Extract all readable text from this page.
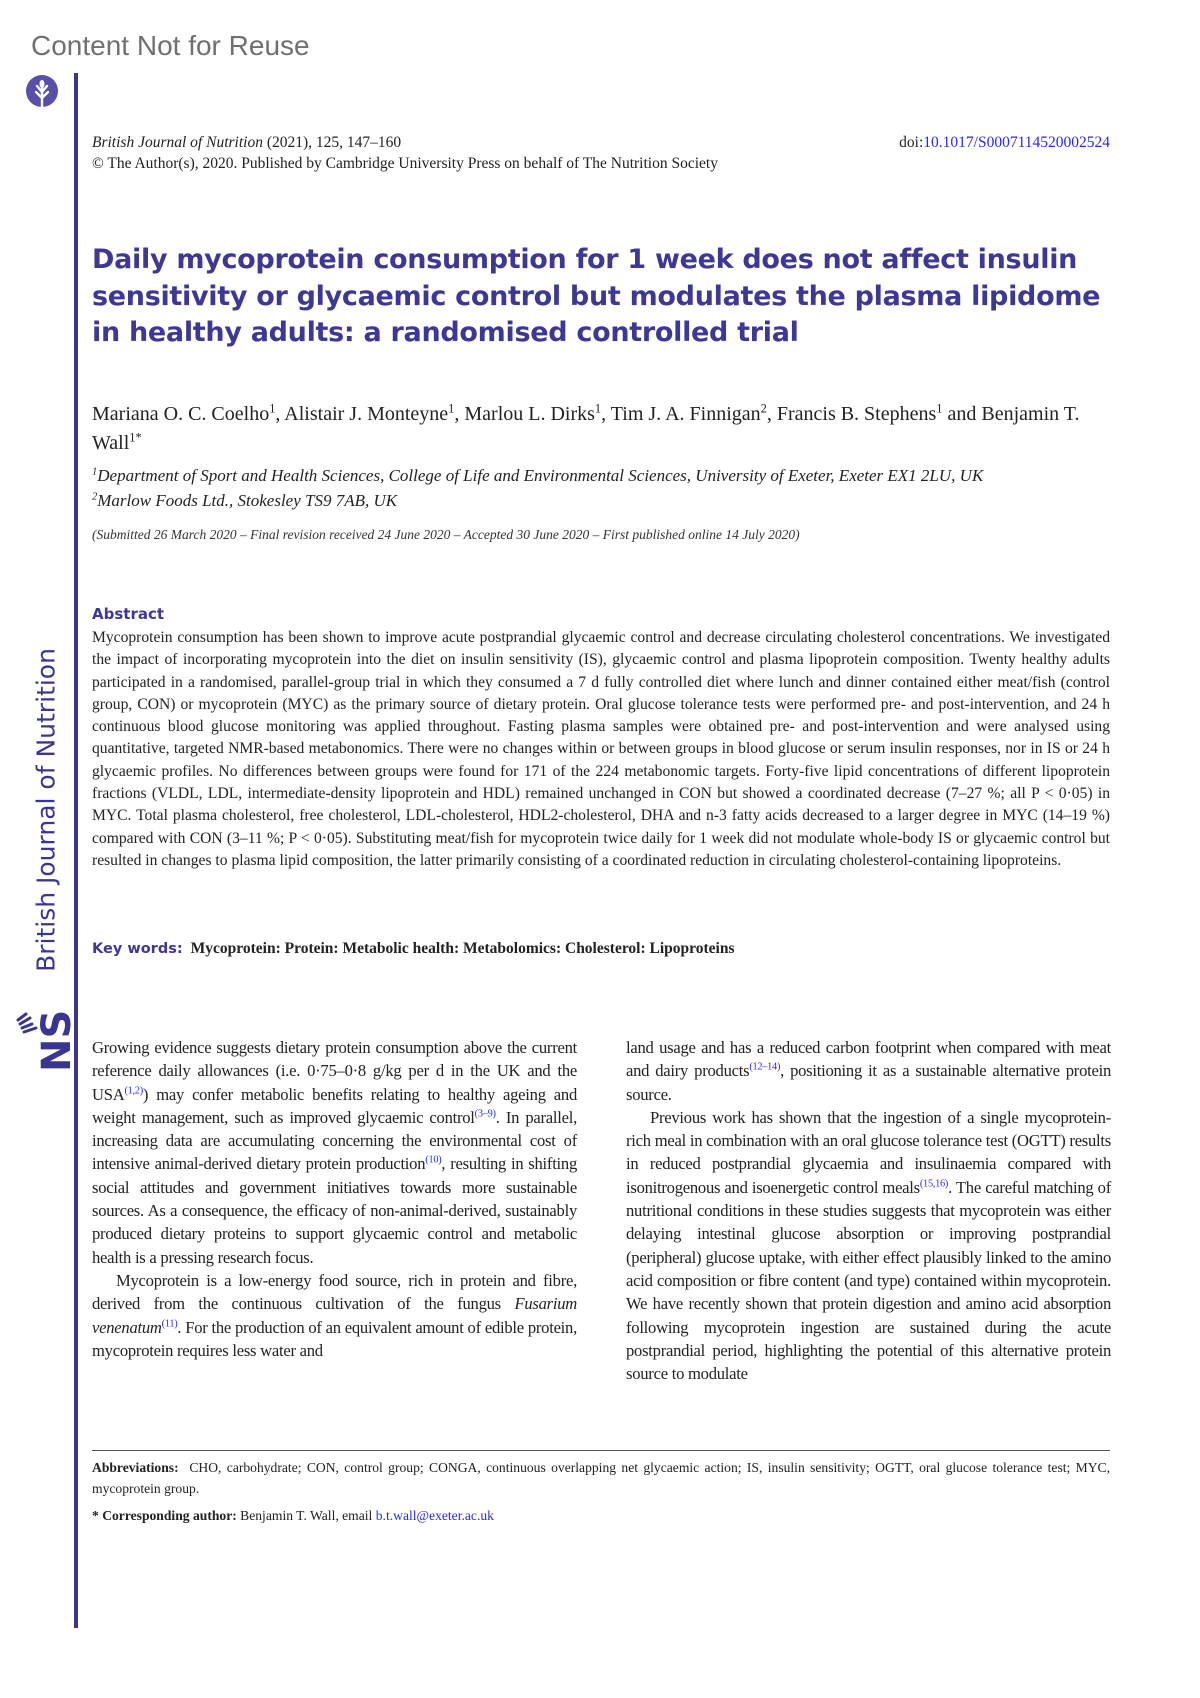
Content Not for Reuse
British Journal of Nutrition
NS
British Journal of Nutrition (2021), 125, 147–160
© The Author(s), 2020. Published by Cambridge University Press on behalf of The Nutrition Society
doi:10.1017/S0007114520002524
Daily mycoprotein consumption for 1 week does not affect insulin sensitivity or glycaemic control but modulates the plasma lipidome in healthy adults: a randomised controlled trial
Mariana O. C. Coelho$^1$, Alistair J. Monteyne$^1$, Marlou L. Dirks$^1$, Tim J. A. Finnigan$^2$, Francis B. Stephens$^1$ and Benjamin T. Wall$^{1*}$
$^1$Department of Sport and Health Sciences, College of Life and Environmental Sciences, University of Exeter, Exeter EX1 2LU, UK
$^2$Marlow Foods Ltd., Stokesley TS9 7AB, UK
(Submitted 26 March 2020 – Final revision received 24 June 2020 – Accepted 30 June 2020 – First published online 14 July 2020)
Abstract
Mycoprotein consumption has been shown to improve acute postprandial glycaemic control and decrease circulating cholesterol concentrations. We investigated the impact of incorporating mycoprotein into the diet on insulin sensitivity (IS), glycaemic control and plasma lipoprotein composition. Twenty healthy adults participated in a randomised, parallel-group trial in which they consumed a 7 d fully controlled diet where lunch and dinner contained either meat/fish (control group, CON) or mycoprotein (MYC) as the primary source of dietary protein. Oral glucose tolerance tests were performed pre- and post-intervention, and 24 h continuous blood glucose monitoring was applied throughout. Fasting plasma samples were obtained pre- and post-intervention and were analysed using quantitative, targeted NMR-based metabonomics. There were no changes within or between groups in blood glucose or serum insulin responses, nor in IS or 24 h glycaemic profiles. No differences between groups were found for 171 of the 224 metabonomic targets. Forty-five lipid concentrations of different lipoprotein fractions (VLDL, LDL, intermediate-density lipoprotein and HDL) remained unchanged in CON but showed a coordinated decrease (7–27 %; all P < 0·05) in MYC. Total plasma cholesterol, free cholesterol, LDL-cholesterol, HDL2-cholesterol, DHA and n-3 fatty acids decreased to a larger degree in MYC (14–19 %) compared with CON (3–11 %; P < 0·05). Substituting meat/fish for mycoprotein twice daily for 1 week did not modulate whole-body IS or glycaemic control but resulted in changes to plasma lipid composition, the latter primarily consisting of a coordinated reduction in circulating cholesterol-containing lipoproteins.
Key words: Mycoprotein: Protein: Metabolic health: Metabolomics: Cholesterol: Lipoproteins

Growing evidence suggests dietary protein consumption above the current reference daily allowances (i.e. 0·75–0·8 g/kg per d in the UK and the USA$^{(1,2)}$) may confer metabolic benefits relating to healthy ageing and weight management, such as improved glycaemic control$^{(3-9)}$. In parallel, increasing data are accumulating concerning the environmental cost of intensive animal-derived dietary protein production$^{(10)}$, resulting in shifting social attitudes and government initiatives towards more sustainable sources. As a consequence, the efficacy of non-animal-derived, sustainably produced dietary proteins to support glycaemic control and metabolic health is a pressing research focus.

Mycoprotein is a low-energy food source, rich in protein and fibre, derived from the continuous cultivation of the fungus Fusarium venenatum$^{(11)}$. For the production of an equivalent amount of edible protein, mycoprotein requires less water and

land usage and has a reduced carbon footprint when compared with meat and dairy products$^{(12-14)}$, positioning it as a sustainable alternative protein source.

Previous work has shown that the ingestion of a single mycoprotein-rich meal in combination with an oral glucose tolerance test (OGTT) results in reduced postprandial glycaemia and insulinaemia compared with isonitrogenous and isoenergetic control meals$^{(15,16)}$. The careful matching of nutritional conditions in these studies suggests that mycoprotein was either delaying intestinal glucose absorption or improving postprandial (peripheral) glucose uptake, with either effect plausibly linked to the amino acid composition or fibre content (and type) contained within mycoprotein. We have recently shown that protein digestion and amino acid absorption following mycoprotein ingestion are sustained during the acute postprandial period, highlighting the potential of this alternative protein source to modulate

Abbreviations: CHO, carbohydrate; CON, control group; CONGA, continuous overlapping net glycaemic action; IS, insulin sensitivity; OGTT, oral glucose tolerance test; MYC, mycoprotein group.
* Corresponding author: Benjamin T. Wall, email b.t.wall@exeter.ac.uk
